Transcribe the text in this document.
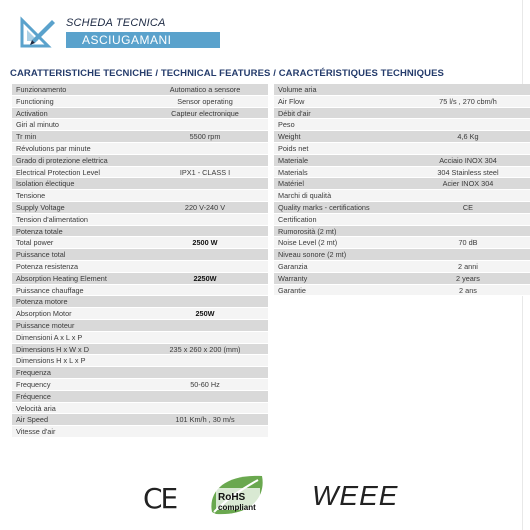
SCHEDA TECNICA
ASCIUGAMANI
CARATTERISTICHE TECNICHE / TECHNICAL FEATURES / CARACTÉRISTIQUES TECHNIQUES
Funzionamento	Automatico a sensore
Functioning	Sensor operating
Activation	Capteur electronique
Giri al minuto
Tr min	5500 rpm
Révolutions par minute
Grado di protezione elettrica
Electrical Protection Level	IPX1 - CLASS I
Isolation électique
Tensione
Supply Voltage	220 V-240 V
Tension d'alimentation
Potenza totale
Total power	2500 W
Puissance total
Potenza resistenza
Absorption Heating Element	2250W
Puissance chauffage
Potenza motore
Absorption Motor	250W
Puissance moteur
Dimensioni A x L x P
Dimensions H x W x D	235 x 260 x 200 (mm)
Dimensions H x L x P
Frequenza
Frequency	50-60 Hz
Fréquence
Velocità aria
Air Speed	101 Km/h , 30 m/s
Vitesse d'air
Volume aria
Air Flow	75 l/s , 270 cbm/h
Débit d'air
Peso
Weight	4,6 Kg
Poids net
Materiale	Acciaio INOX 304
Materials	304 Stainless steel
Matériel	Acier INOX 304
Marchi di qualità
Quality marks - certifications	CE
Certification
Rumorosità (2 mt)
Noise Level (2 mt)	70 dB
Niveau sonore (2 mt)
Garanzia	2 anni
Warranty	2 years
Garantie	2 ans
CE	RoHS
compliant WEEE
